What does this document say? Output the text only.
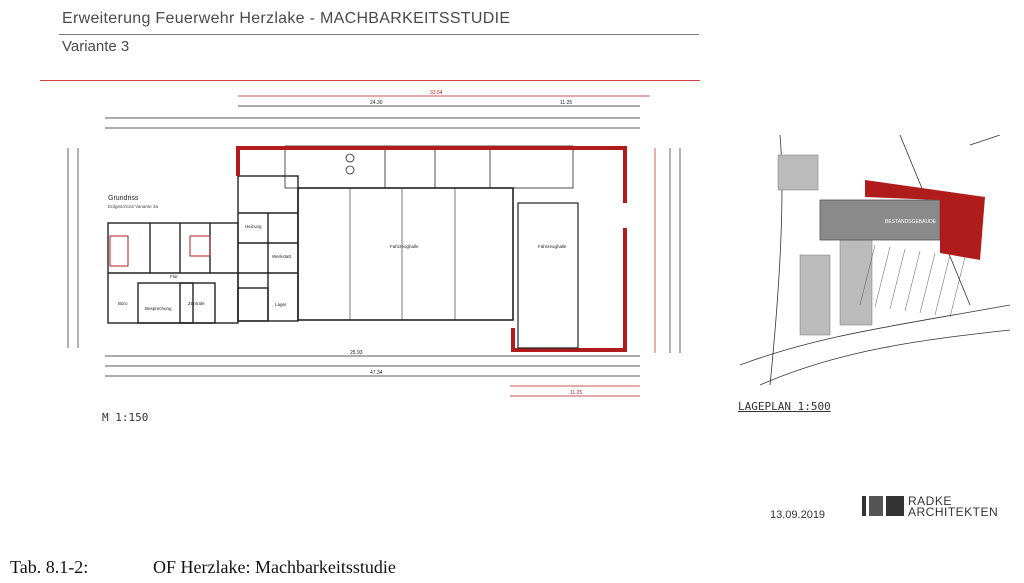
Erweiterung Feuerwehr Herzlake - MACHBARKEITSSTUDIE
Variante 3
33.54
24.30	11.25
Fahrzeughalle	Fahrzeughalle
Büro
Besprechung
Zentrale
Flur
Lager
Heizung
Werkstatt
Grundriss
Erdgeschoss Variante 3a
25.93
47.34
11.25
M 1:150
BESTANDSGEBÄUDE
LAGEPLAN 1:500
13.09.2019
RADKE
ARCHITEKTEN
Tab. 8.1-2:	OF Herzlake: Machbarkeitsstudie
